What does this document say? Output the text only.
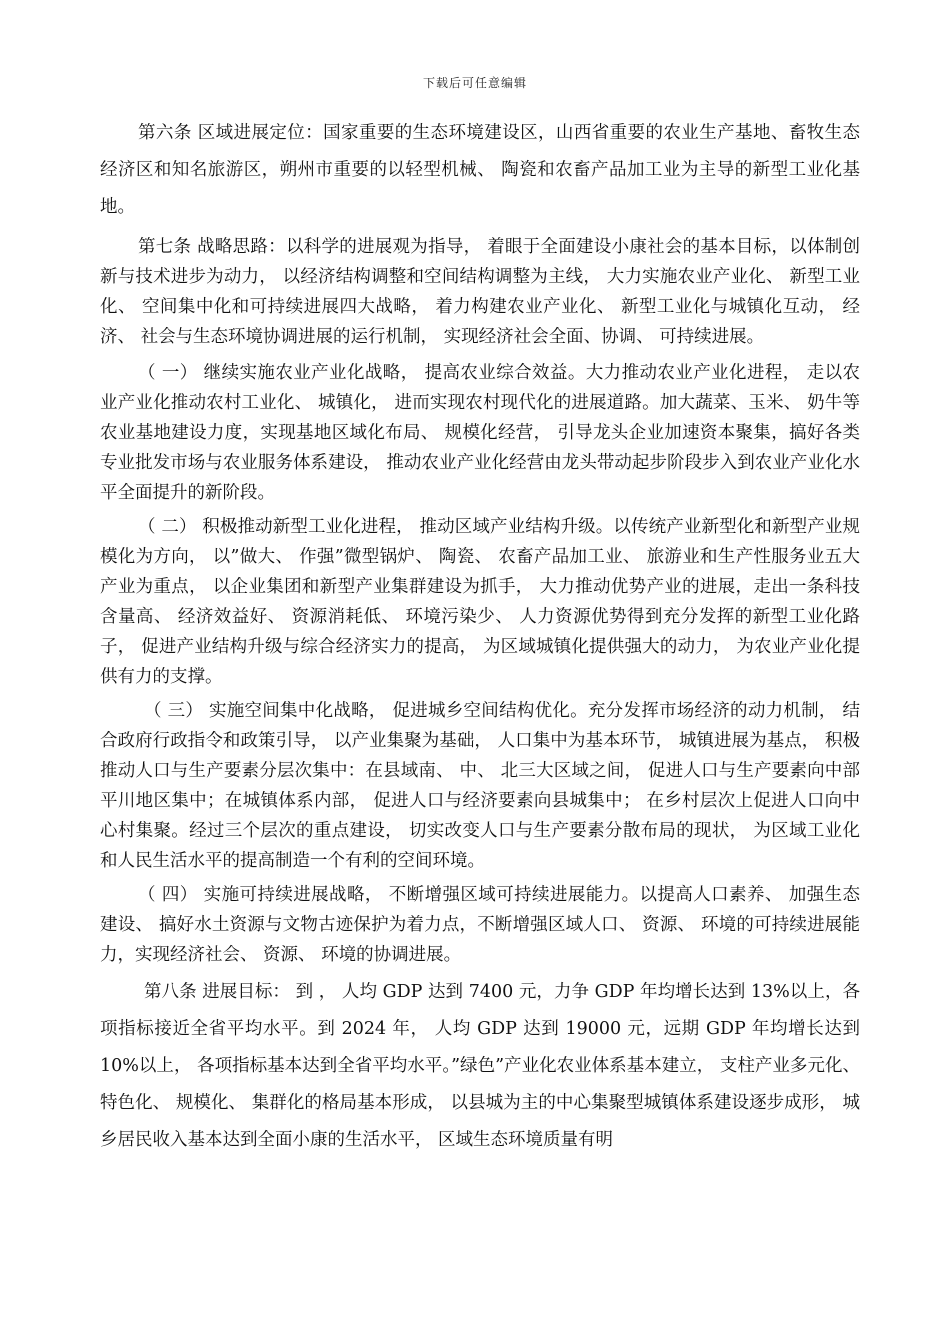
下载后可任意编辑

第六条 区域进展定位：国家重要的生态环境建设区，山西省重要的农业生产基地、畜牧生态经济区和知名旅游区，朔州市重要的以轻型机械、 陶瓷和农畜产品加工业为主导的新型工业化基地。

第七条 战略思路：以科学的进展观为指导， 着眼于全面建设小康社会的基本目标，以体制创新与技术进步为动力， 以经济结构调整和空间结构调整为主线， 大力实施农业产业化、 新型工业化、 空间集中化和可持续进展四大战略， 着力构建农业产业化、 新型工业化与城镇化互动， 经济、 社会与生态环境协调进展的运行机制， 实现经济社会全面、协调、 可持续进展。

（ 一） 继续实施农业产业化战略， 提高农业综合效益。大力推动农业产业化进程， 走以农业产业化推动农村工业化、 城镇化， 进而实现农村现代化的进展道路。加大蔬菜、玉米、 奶牛等农业基地建设力度，实现基地区域化布局、 规模化经营， 引导龙头企业加速资本聚集，搞好各类专业批发市场与农业服务体系建设， 推动农业产业化经营由龙头带动起步阶段步入到农业产业化水平全面提升的新阶段。

（ 二） 积极推动新型工业化进程， 推动区域产业结构升级。以传统产业新型化和新型产业规模化为方向， 以”做大、 作强”微型锅炉、 陶瓷、 农畜产品加工业、 旅游业和生产性服务业五大产业为重点， 以企业集团和新型产业集群建设为抓手， 大力推动优势产业的进展，走出一条科技含量高、 经济效益好、 资源消耗低、 环境污染少、 人力资源优势得到充分发挥的新型工业化路子， 促进产业结构升级与综合经济实力的提高， 为区域城镇化提供强大的动力， 为农业产业化提供有力的支撑。

（ 三） 实施空间集中化战略， 促进城乡空间结构优化。充分发挥市场经济的动力机制， 结合政府行政指令和政策引导， 以产业集聚为基础， 人口集中为基本环节， 城镇进展为基点， 积极推动人口与生产要素分层次集中：在县域南、 中、 北三大区域之间， 促进人口与生产要素向中部平川地区集中；在城镇体系内部， 促进人口与经济要素向县城集中； 在乡村层次上促进人口向中心村集聚。经过三个层次的重点建设， 切实改变人口与生产要素分散布局的现状， 为区域工业化和人民生活水平的提高制造一个有利的空间环境。

（ 四） 实施可持续进展战略， 不断增强区域可持续进展能力。以提高人口素养、 加强生态建设、 搞好水土资源与文物古迹保护为着力点，不断增强区域人口、 资源、 环境的可持续进展能力，实现经济社会、 资源、 环境的协调进展。

第八条 进展目标： 到 ， 人均 GDP 达到 7400 元，力争 GDP 年均增长达到 13%以上，各项指标接近全省平均水平。到 2024 年， 人均 GDP 达到 19000 元，远期 GDP 年均增长达到 10%以上， 各项指标基本达到全省平均水平。”绿色”产业化农业体系基本建立， 支柱产业多元化、 特色化、 规模化、 集群化的格局基本形成， 以县城为主的中心集聚型城镇体系建设逐步成形， 城乡居民收入基本达到全面小康的生活水平， 区域生态环境质量有明
